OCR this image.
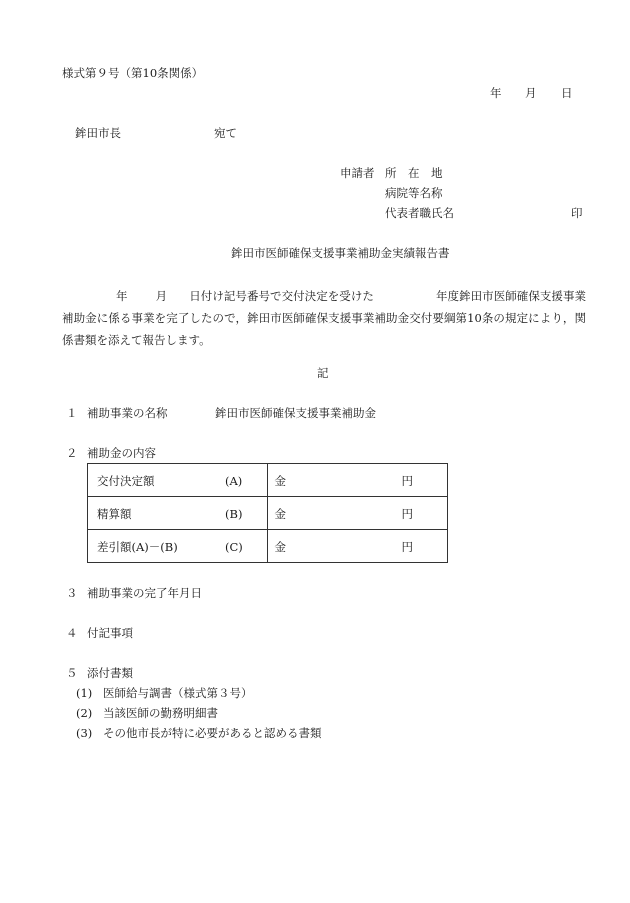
様式第９号（第10条関係）
年 月 日
鉾田市長	宛て
申請者 所　在　地
病院等名称
代表者職氏名	印
鉾田市医師確保支援事業補助金実績報告書
年 月 日付け記号番号で交付決定を受けた	年度鉾田市医師確保支援事業補助金に係る事業を完了したので，鉾田市医師確保支援事業補助金交付要綱第10条の規定により，関係書類を添えて報告します。
記
１ 補助事業の名称	鉾田市医師確保支援事業補助金
２ 補助金の内容
交付決定額 (A)	金 円

精算額 (B)	金 円

差引額(A)－(B) (C)	金 円
３ 補助事業の完了年月日
４ 付記事項
５ 添付書類
(1) 医師給与調書（様式第３号）
(2) 当該医師の勤務明細書
(3) その他市長が特に必要があると認める書類
